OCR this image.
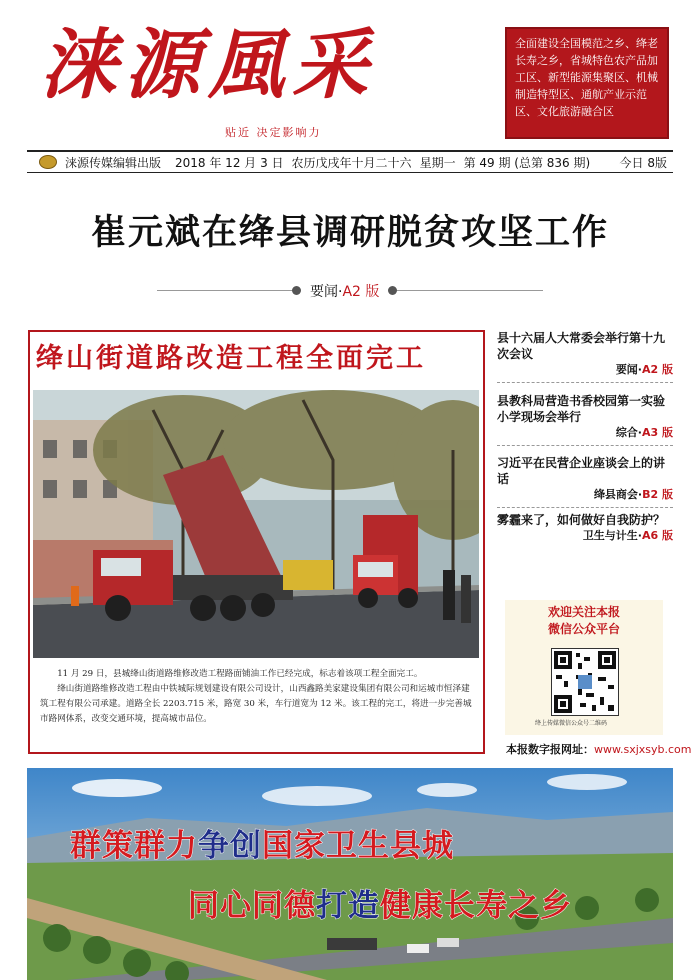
涞源風采
贴近 决定影响力
全面建设全国模范之乡、绛老长寿之乡，省城特色农产品加工区、新型能源集聚区、机械制造特型区、通航产业示范区、文化旅游融合区
涞源传媒编辑出版 2018 年 12 月 3 日 农历戊戌年十月二十六 星期一 第 49 期 (总第 836 期) 今日 8版
崔元斌在绛县调研脱贫攻坚工作
要闻·A2 版
绛山街道路改造工程全面完工

11 月 29 日，县城绛山街道路维修改造工程路面铺油工作已经完成，标志着该项工程全面完工。

绛山街道路维修改造工程由中铁城际规划建设有限公司设计，山西鑫路美家建设集团有限公司和运城市恒泽建筑工程有限公司承建。道路全长 2203.715 米，路宽 30 米，车行道宽为 12 米。该工程的完工，将进一步完善城市路网体系，改变交通环境，提高城市品位。

县十六届人大常委会举行第十九次会议
要闻·A2 版
县教科局营造书香校园第一实验小学现场会举行
综合·A3 版
习近平在民营企业座谈会上的讲话
绛县商会·B2 版
雾霾来了，如何做好自我防护？
卫生与计生·A6 版
欢迎关注本报
微信公众平台
绛上传媒微信公众号二维码
本报数字报网址：www.sxjxsyb.com
群策群力争创国家卫生县城
同心同德打造健康长寿之乡
